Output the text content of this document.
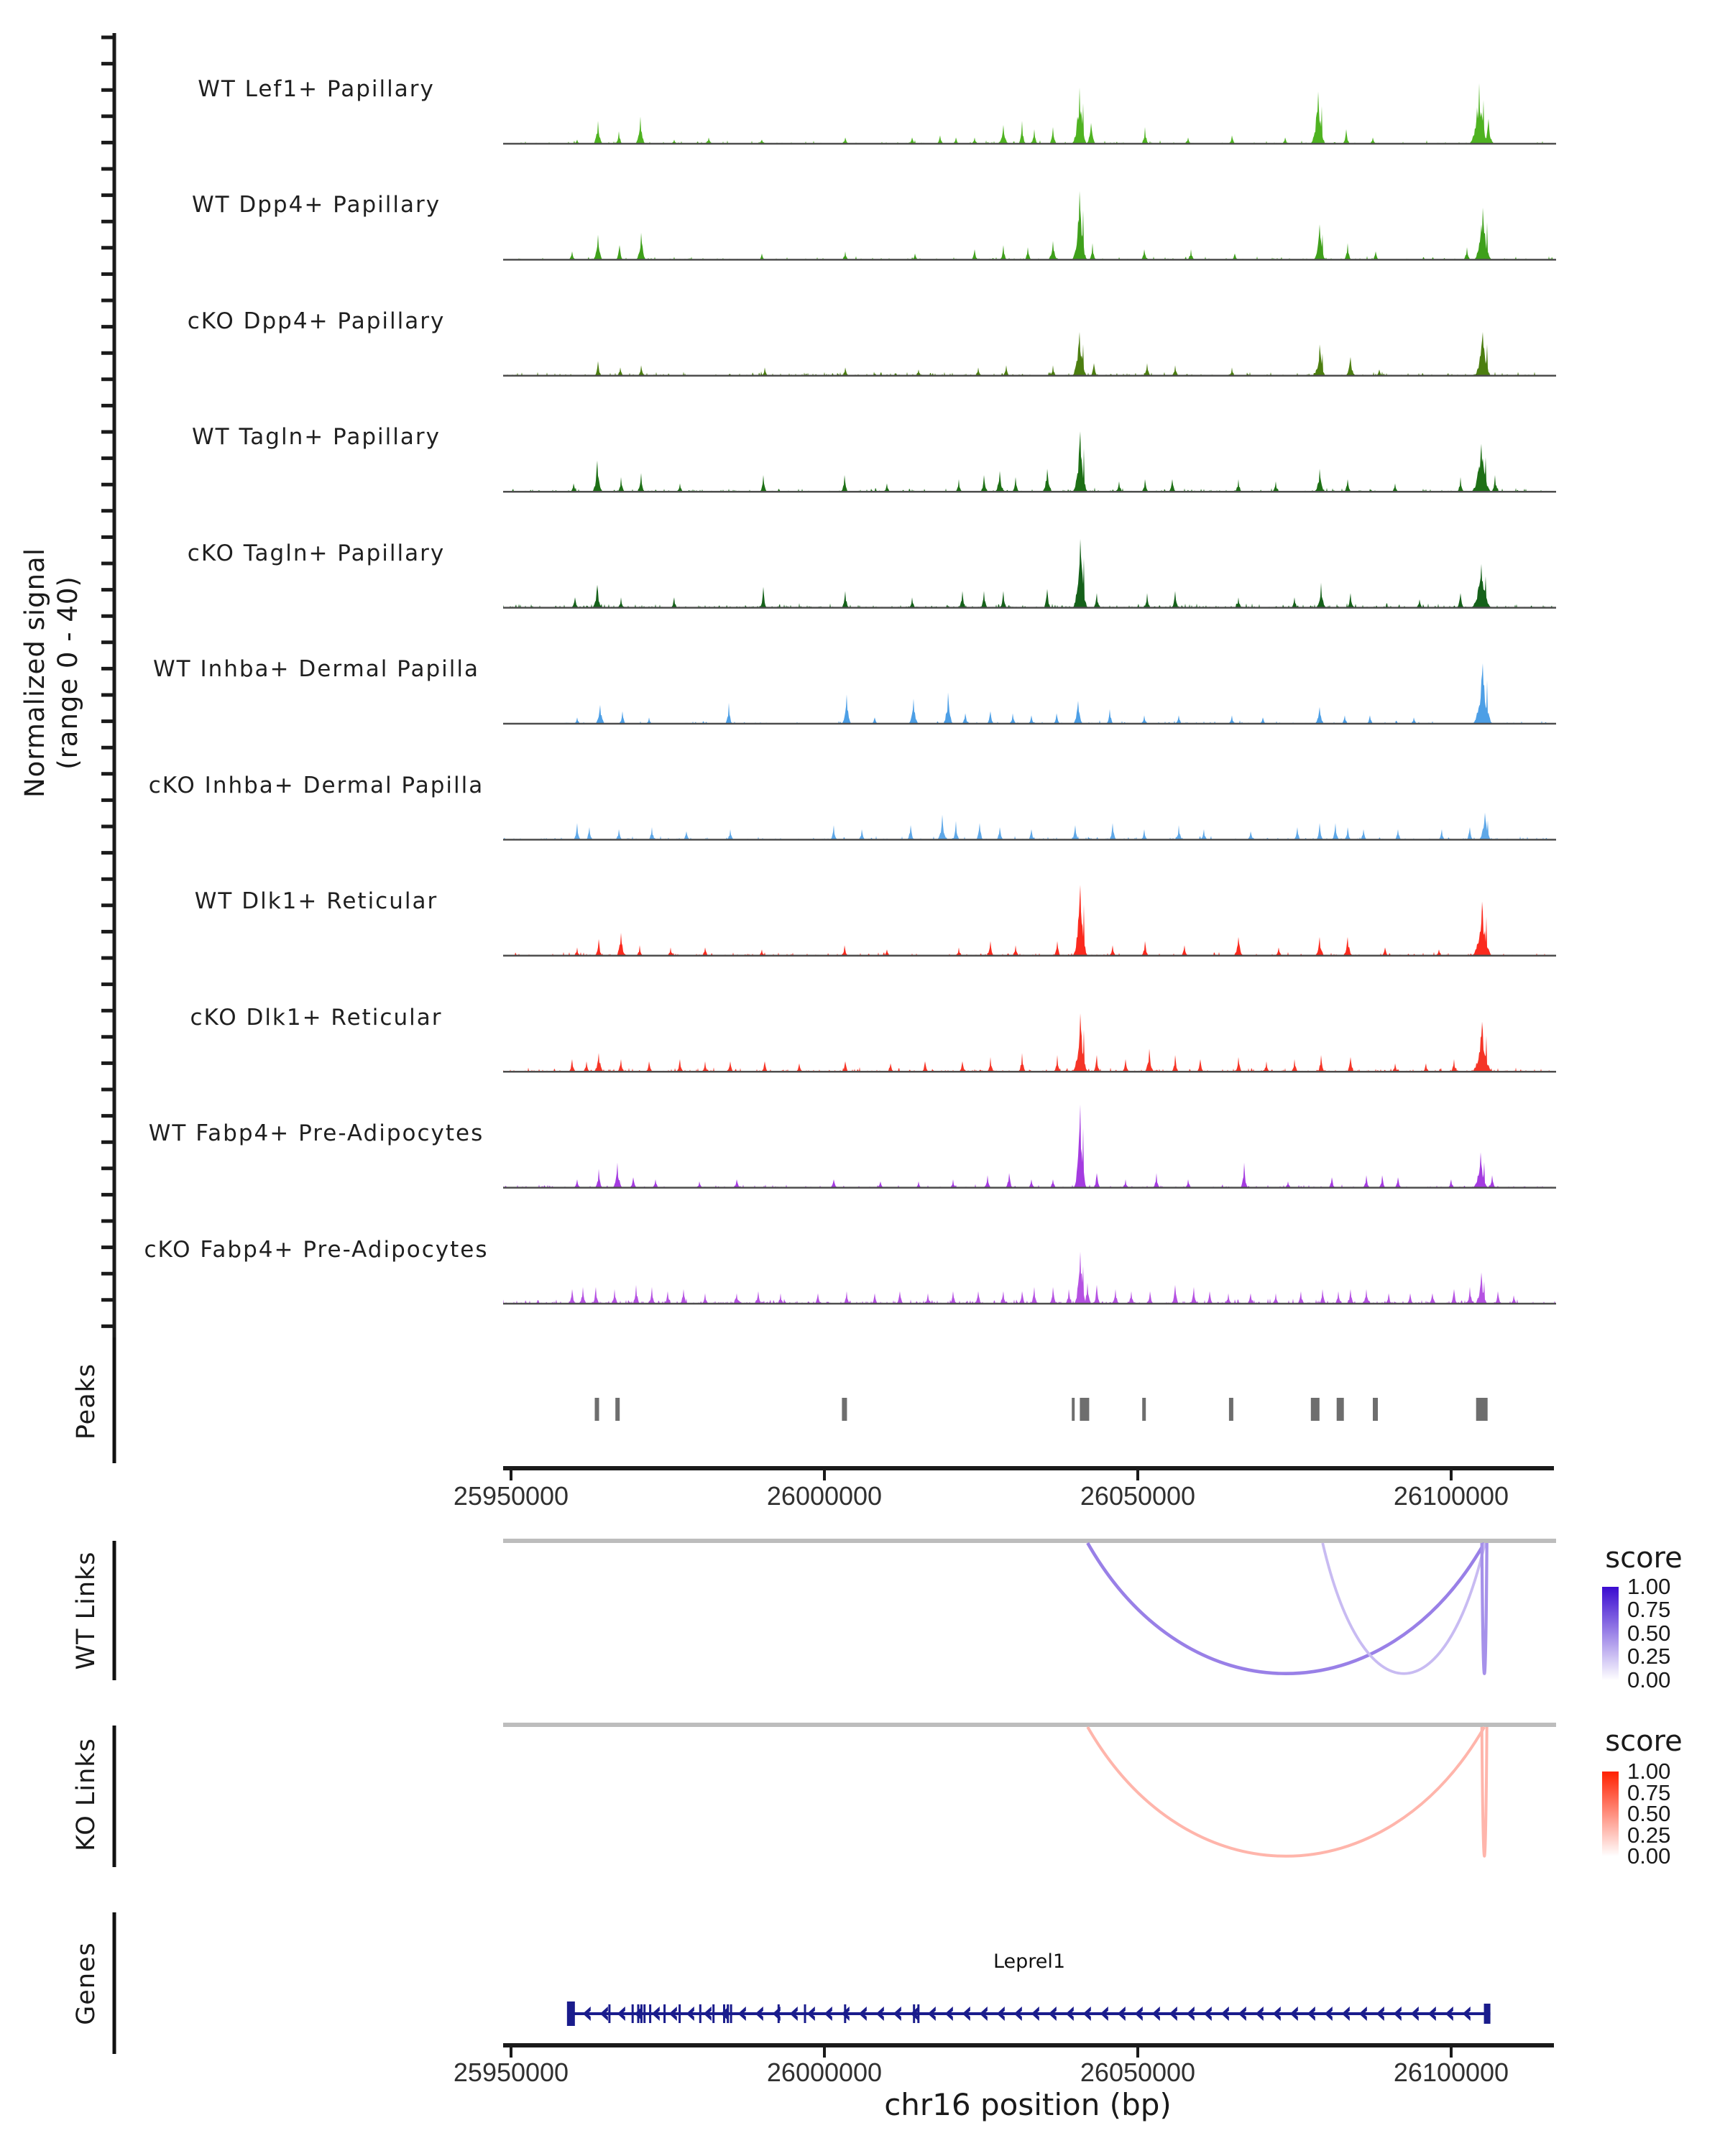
Normalized signal (range 0 - 40)
WT Lef1+ Papillary
WT Dpp4+ Papillary
cKO Dpp4+ Papillary
WT Tagln+ Papillary
cKO Tagln+ Papillary
WT Inhba+ Dermal Papilla
cKO Inhba+ Dermal Papilla
WT Dlk1+ Reticular
cKO Dlk1+ Reticular
WT Fabp4+ Pre-Adipocytes
cKO Fabp4+ Pre-Adipocytes
Peaks
WT Links
KO Links
Genes
25950000	26000000	26050000	26100000
score
1.00
0.75
0.50
0.25
0.00
score
1.00
0.75
0.50
0.25
0.00
Leprel1
25950000	26000000	26050000	26100000
chr16 position (bp)
